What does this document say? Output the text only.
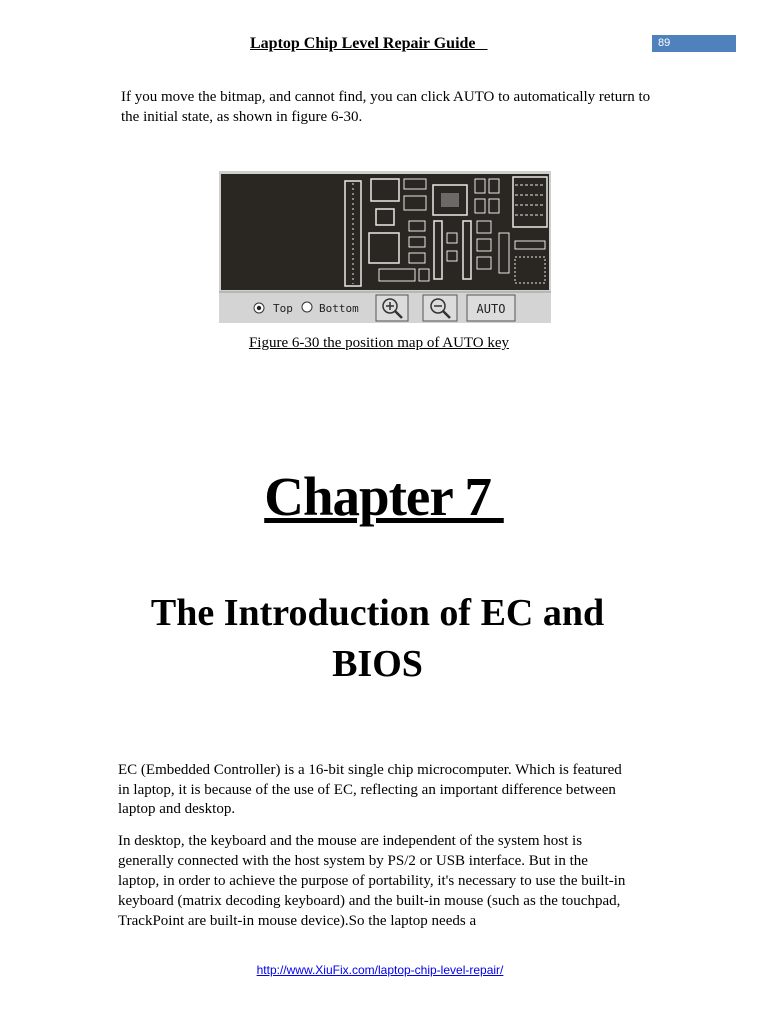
Laptop Chip Level Repair Guide	89

If you move the bitmap, and cannot find, you can click AUTO to automatically return to the initial state, as shown in figure 6-30.

Top Bottom	AUTO
Figure 6-30 the position map of AUTO key
Chapter 7
The Introduction of EC and BIOS

EC (Embedded Controller) is a 16-bit single chip microcomputer. Which is featured in laptop, it is because of the use of EC, reflecting an important difference between laptop and desktop.

In desktop, the keyboard and the mouse are independent of the system host is generally connected with the host system by PS/2 or USB interface. But in the laptop, in order to achieve the purpose of portability, it's necessary to use the built-in keyboard (matrix decoding keyboard) and the built-in mouse (such as the touchpad, TrackPoint are built-in mouse device).So the laptop needs a

http://www.XiuFix.com/laptop-chip-level-repair/
